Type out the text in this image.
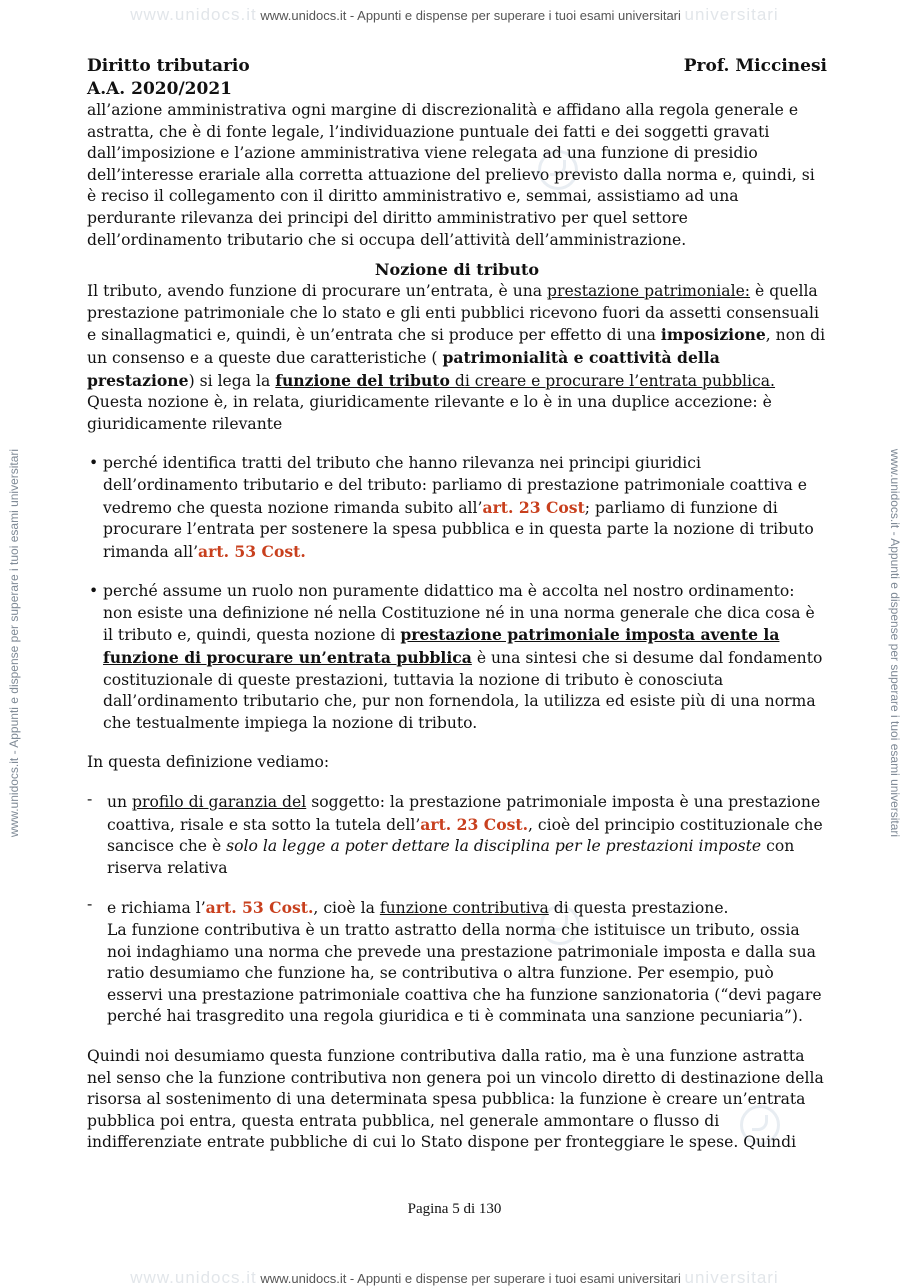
www.unidocs.it www.unidocs.it - Appunti e dispense per superare i tuoi esami universitari universitari
www.unidocs.it - Appunti e dispense per superare i tuoi esami universitari	www.unidocs.it - Appunti e dispense per superare i tuoi esami universitari
Diritto tributario	Prof. Miccinesi
A.A. 2020/2021

all’azione amministrativa ogni margine di discrezionalità e affidano alla regola generale e astratta, che è di fonte legale, l’individuazione puntuale dei fatti e dei soggetti gravati dall’imposizione e l’azione amministrativa viene relegata ad una funzione di presidio dell’interesse erariale alla corretta attuazione del prelievo previsto dalla norma e, quindi, si è reciso il collegamento con il diritto amministrativo e, semmai, assistiamo ad una perdurante rilevanza dei principi del diritto amministrativo per quel settore dell’ordinamento tributario che si occupa dell’attività dell’amministrazione.

Nozione di tributo

Il tributo, avendo funzione di procurare un’entrata, è una prestazione patrimoniale: è quella prestazione patrimoniale che lo stato e gli enti pubblici ricevono fuori da assetti consensuali e sinallagmatici e, quindi, è un’entrata che si produce per effetto di una imposizione, non di un consenso e a queste due caratteristiche ( patrimonialità e coattività della prestazione) si lega la funzione del tributo di creare e procurare l’entrata pubblica.

Questa nozione è, in relata, giuridicamente rilevante e lo è in una duplice accezione: è giuridicamente rilevante

• perché identifica tratti del tributo che hanno rilevanza nei principi giuridici dell’ordinamento tributario e del tributo: parliamo di prestazione patrimoniale coattiva e vedremo che questa nozione rimanda subito all’art. 23 Cost; parliamo di funzione di procurare l’entrata per sostenere la spesa pubblica e in questa parte la nozione di tributo rimanda all’art. 53 Cost.
• perché assume un ruolo non puramente didattico ma è accolta nel nostro ordinamento: non esiste una definizione né nella Costituzione né in una norma generale che dica cosa è il tributo e, quindi, questa nozione di prestazione patrimoniale imposta avente la funzione di procurare un’entrata pubblica è una sintesi che si desume dal fondamento costituzionale di queste prestazioni, tuttavia la nozione di tributo è conosciuta dall’ordinamento tributario che, pur non fornendola, la utilizza ed esiste più di una norma che testualmente impiega la nozione di tributo.

In questa definizione vediamo:

- un profilo di garanzia del soggetto: la prestazione patrimoniale imposta è una prestazione coattiva, risale e sta sotto la tutela dell’art. 23 Cost., cioè del principio costituzionale che sancisce che è solo la legge a poter dettare la disciplina per le prestazioni imposte con riserva relativa
- e richiama l’art. 53 Cost., cioè la funzione contributiva di questa prestazione.
La funzione contributiva è un tratto astratto della norma che istituisce un tributo, ossia noi indaghiamo una norma che prevede una prestazione patrimoniale imposta e dalla sua ratio desumiamo che funzione ha, se contributiva o altra funzione. Per esempio, può esservi una prestazione patrimoniale coattiva che ha funzione sanzionatoria (“devi pagare perché hai trasgredito una regola giuridica e ti è comminata una sanzione pecuniaria”).

Quindi noi desumiamo questa funzione contributiva dalla ratio, ma è una funzione astratta nel senso che la funzione contributiva non genera poi un vincolo diretto di destinazione della risorsa al sostenimento di una determinata spesa pubblica: la funzione è creare un’entrata pubblica poi entra, questa entrata pubblica, nel generale ammontare o flusso di indifferenziate entrate pubbliche di cui lo Stato dispone per fronteggiare le spese. Quindi

Pagina 5 di 130
www.unidocs.it www.unidocs.it - Appunti e dispense per superare i tuoi esami universitari universitari
